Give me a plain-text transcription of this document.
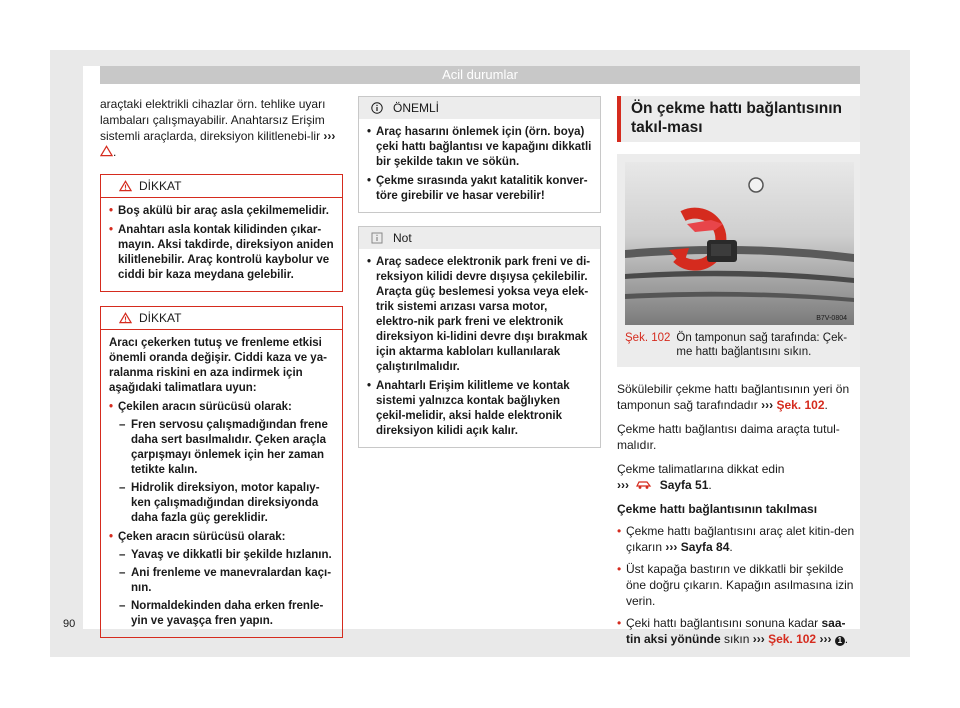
Acil durumlar

araçtaki elektrikli cihazlar örn. tehlike uyarı lambaları çalışmayabilir. Anahtarsız Erişim sistemli araçlarda, direksiyon kilitlenebi-lir ››› .

DİKKAT
• Boş akülü bir araç asla çekilmemelidir.
• Anahtarı asla kontak kilidinden çıkar-mayın. Aksi takdirde, direksiyon aniden kilitlenebilir. Araç kontrolü kaybolur ve ciddi bir kaza meydana gelebilir.
DİKKAT

Aracı çekerken tutuş ve frenleme etkisi önemli oranda değişir. Ciddi kaza ve ya-ralanma riskini en aza indirmek için aşağıdaki talimatlara uyun:

• Çekilen aracın sürücüsü olarak:
– Fren servosu çalışmadığından frene daha sert basılmalıdır. Çeken araçla çarpışmayı önlemek için her zaman tetikte kalın.
– Hidrolik direksiyon, motor kapalıy-ken çalışmadığından direksiyonda daha fazla güç gereklidir.
• Çeken aracın sürücüsü olarak:
– Yavaş ve dikkatli bir şekilde hızlanın.
– Ani frenleme ve manevralardan kaçı-nın.
– Normaldekinden daha erken frenle-yin ve yavaşça fren yapın.
ÖNEMLİ
• Araç hasarını önlemek için (örn. boya) çeki hattı bağlantısı ve kapağını dikkatli bir şekilde takın ve sökün.
• Çekme sırasında yakıt katalitik konver-töre girebilir ve hasar verebilir!
Not
• Araç sadece elektronik park freni ve di-reksiyon kilidi devre dışıysa çekilebilir. Araçta güç beslemesi yoksa veya elek-trik sistemi arızası varsa motor, elektro-nik park freni ve elektronik direksiyon ki-lidini devre dışı bırakmak için aktarma kabloları kullanılarak çalıştırılmalıdır.
• Anahtarlı Erişim kilitleme ve kontak sistemi yalnızca kontak bağlıyken çekil-melidir, aksi halde elektronik direksiyon kilidi açık kalır.
Ön çekme hattı bağlantısının takıl-ması
B7V-0804
Şek. 102 Ön tamponun sağ tarafında: Çek-me hattı bağlantısını sıkın.

Sökülebilir çekme hattı bağlantısının yeri ön tamponun sağ tarafındadır ››› Şek. 102.

Çekme hattı bağlantısı daima araçta tutul-malıdır.

Çekme talimatlarına dikkat edin
›››	Sayfa 51.

Çekme hattı bağlantısının takılması

• Çekme hattı bağlantısını araç alet kitin-den çıkarın ››› Sayfa 84.
• Üst kapağa bastırın ve dikkatli bir şekilde öne doğru çıkarın. Kapağın asılmasına izin verin.
• Çeki hattı bağlantısını sonuna kadar saa-tin aksi yönünde sıkın ››› Şek. 102 ››› 1 .
90
